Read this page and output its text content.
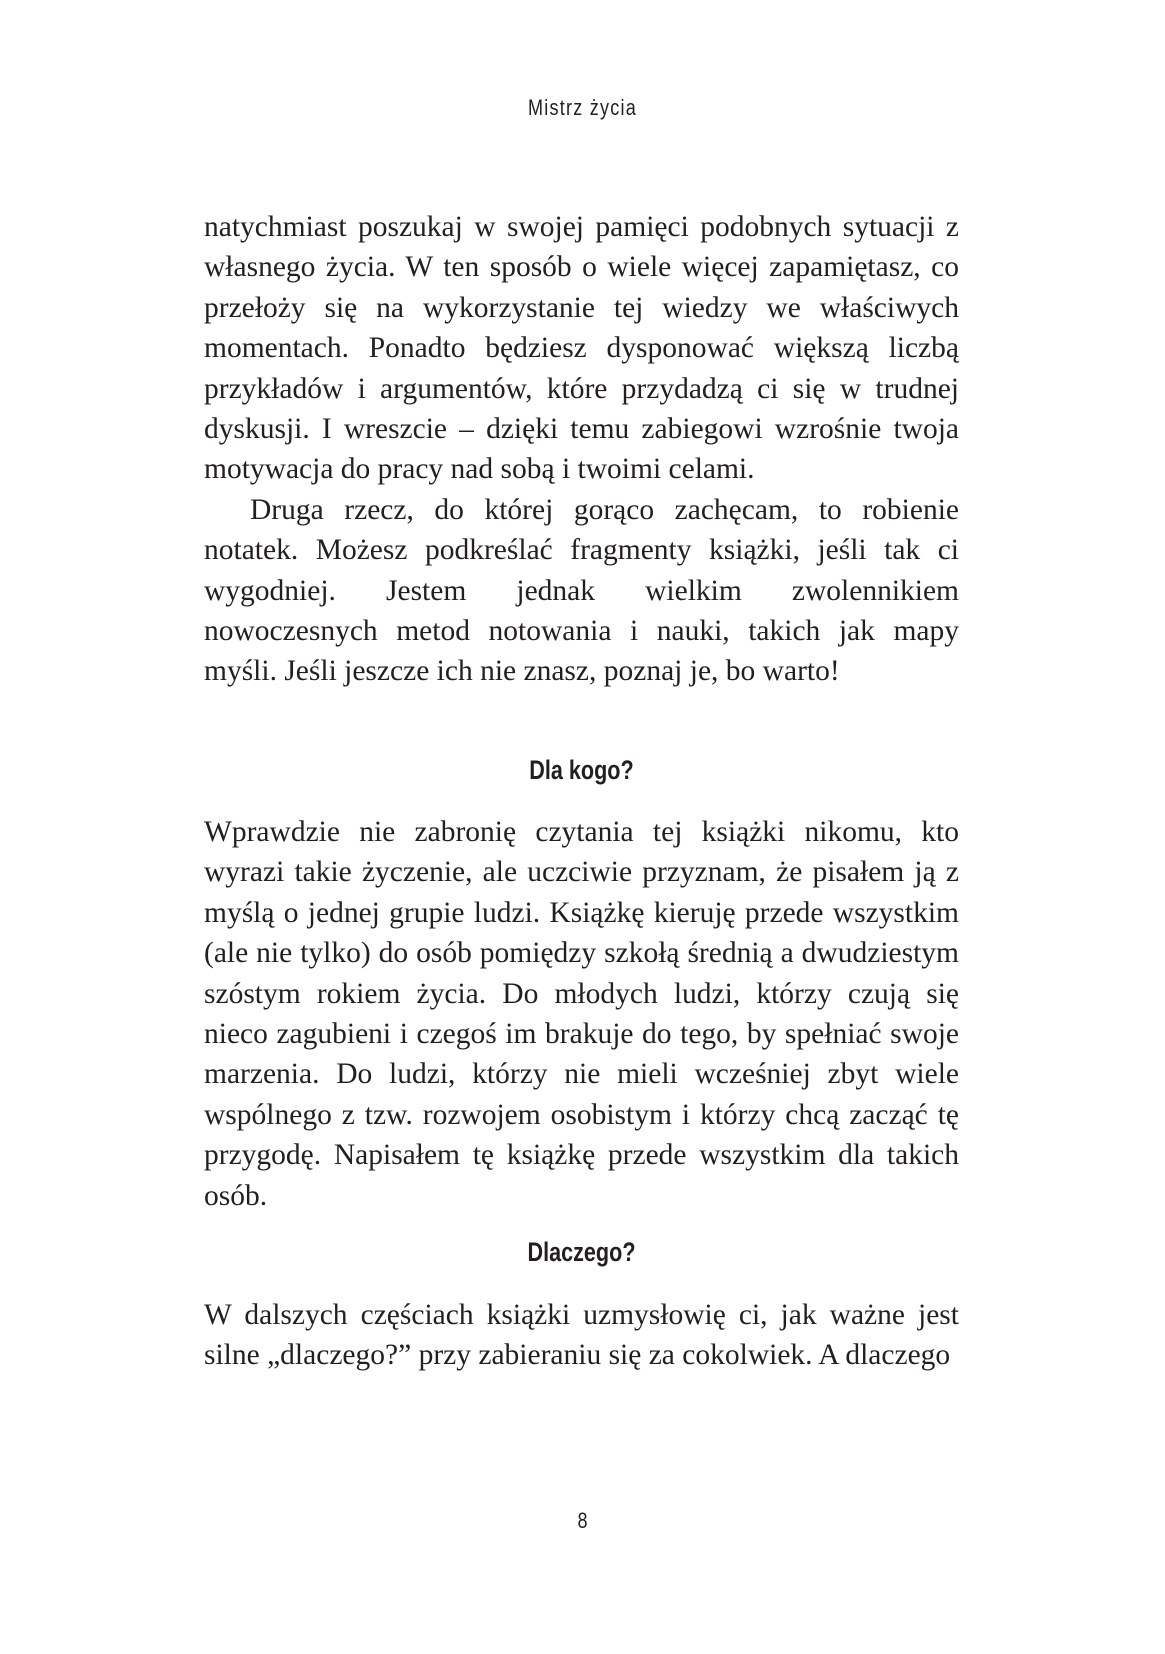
Mistrz życia

natychmiast poszukaj w swojej pamięci podobnych sytuacji z własnego życia. W ten sposób o wiele więcej zapamiętasz, co przełoży się na wykorzystanie tej wiedzy we właściwych momentach. Ponadto będziesz dysponować większą liczbą przykładów i argumentów, które przydadzą ci się w trudnej dyskusji. I wreszcie – dzięki temu zabiegowi wzrośnie twoja motywacja do pracy nad sobą i twoimi celami.

Druga rzecz, do której gorąco zachęcam, to robienie notatek. Możesz podkreślać fragmenty książki, jeśli tak ci wygodniej. Jestem jednak wielkim zwolennikiem nowoczesnych metod notowania i nauki, takich jak mapy myśli. Jeśli jeszcze ich nie znasz, poznaj je, bo warto!

Dla kogo?

Wprawdzie nie zabronię czytania tej książki nikomu, kto wyrazi takie życzenie, ale uczciwie przyznam, że pisałem ją z myślą o jednej grupie ludzi. Książkę kieruję przede wszystkim (ale nie tylko) do osób pomiędzy szkołą średnią a dwudziestym szóstym rokiem życia. Do młodych ludzi, którzy czują się nieco zagubieni i czegoś im brakuje do tego, by spełniać swoje marzenia. Do ludzi, którzy nie mieli wcześniej zbyt wiele wspólnego z tzw. rozwojem osobistym i którzy chcą zacząć tę przygodę. Napisałem tę książkę przede wszystkim dla takich osób.

Dlaczego?

W dalszych częściach książki uzmysłowię ci, jak ważne jest silne „dlaczego?” przy zabieraniu się za cokolwiek. A dlaczego

8
